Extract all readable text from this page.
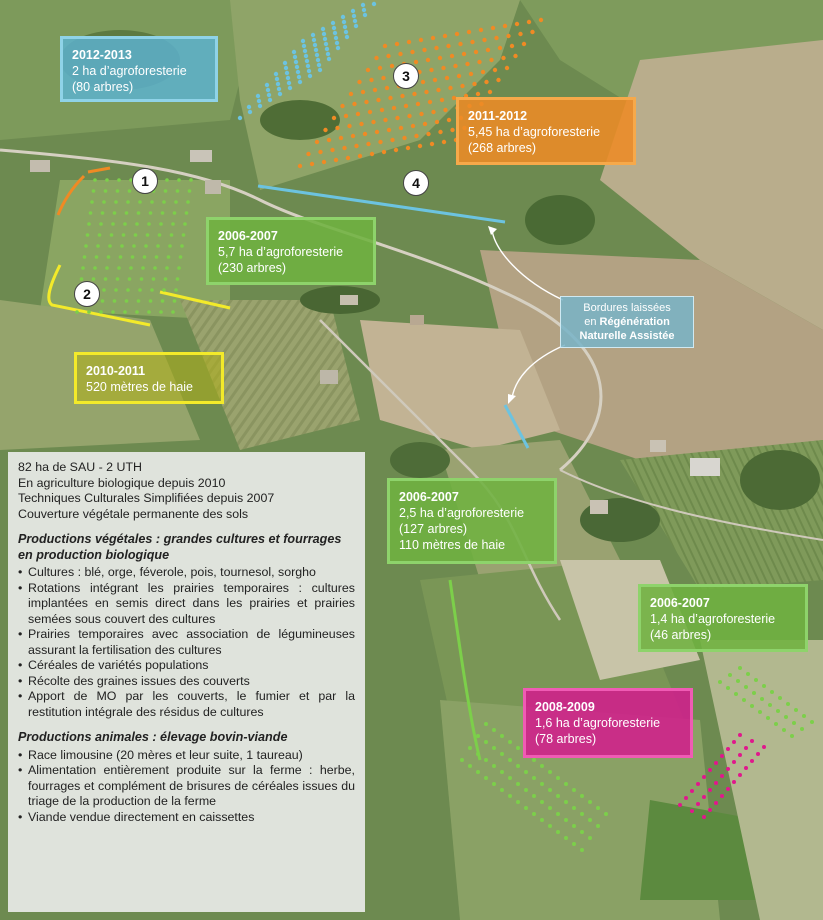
2012-2013
2 ha d’agroforesterie
(80 arbres)
2011-2012
5,45 ha d’agroforesterie
(268 arbres)
2006-2007
5,7 ha d’agroforesterie
(230 arbres)
2010-2011
520 mètres de haie
2006-2007
2,5 ha d’agroforesterie
(127 arbres)
110 mètres de haie
2006-2007
1,4 ha d’agroforesterie
(46 arbres)
2008-2009
1,6 ha d’agroforesterie
(78 arbres)
1
2
3
4
Bordures laissées
en Régénération
Naturelle Assistée
82 ha de SAU - 2 UTH
En agriculture biologique depuis 2010
Techniques Culturales Simplifiées depuis 2007
Couverture végétale permanente des sols
Productions végétales : grandes cultures et fourrages en production biologique
• Cultures : blé, orge, féverole, pois, tournesol, sorgho
• Rotations intégrant les prairies temporaires : cultures implantées en semis direct dans les prairies et prairies semées sous couvert des cultures
• Prairies temporaires avec association de légumineuses assurant la fertilisation des cultures
• Céréales de variétés populations
• Récolte des graines issues des couverts
• Apport de MO par les couverts, le fumier et par la restitution intégrale des résidus de cultures
Productions animales : élevage bovin-viande
• Race limousine (20 mères et leur suite, 1 taureau)
• Alimentation entièrement produite sur la ferme : herbe, fourrages et complément de brisures de céréales issues du triage de la production de la ferme
• Viande vendue directement en caissettes
